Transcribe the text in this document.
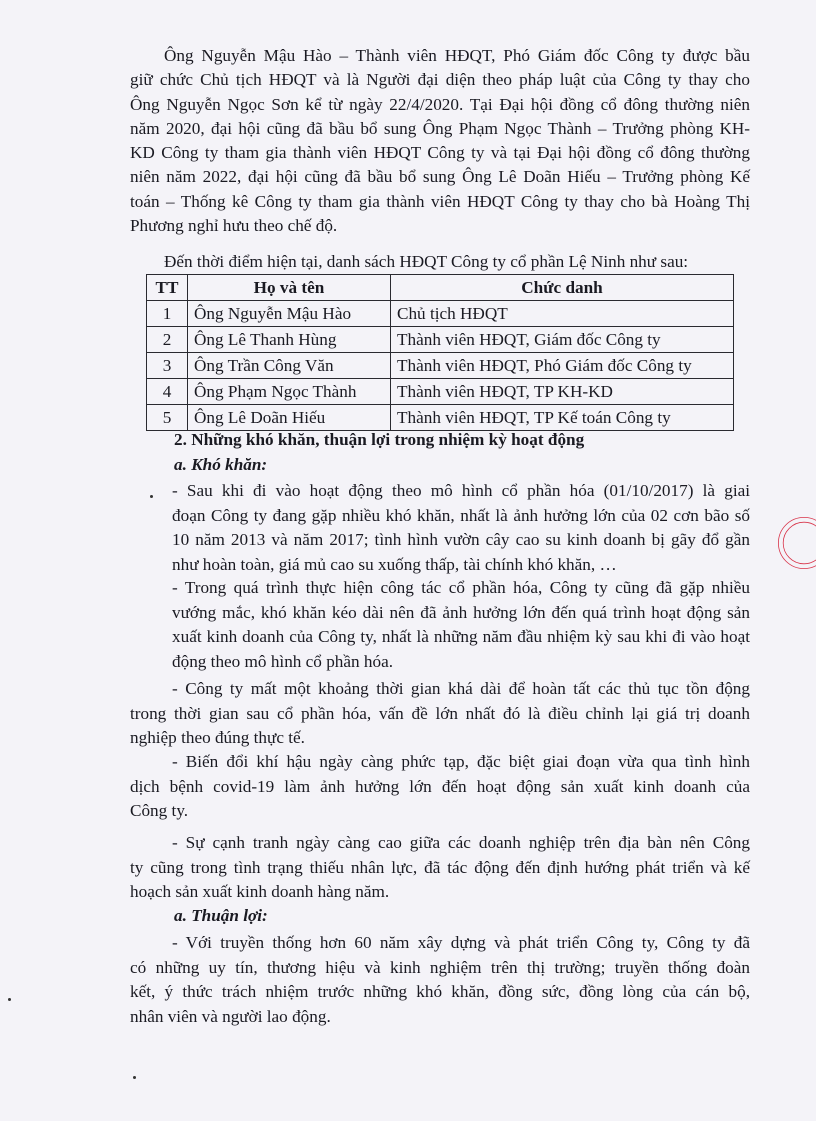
Ông Nguyễn Mậu Hào – Thành viên HĐQT, Phó Giám đốc Công ty được bầu
giữ chức Chủ tịch HĐQT và là Người đại diện theo pháp luật của Công ty thay cho
Ông Nguyễn Ngọc Sơn kể từ ngày 22/4/2020. Tại Đại hội đồng cổ đông thường niên
năm 2020, đại hội cũng đã bầu bổ sung Ông Phạm Ngọc Thành – Trưởng phòng KH-
KD Công ty tham gia thành viên HĐQT Công ty và tại Đại hội đồng cổ đông thường
niên năm 2022, đại hội cũng đã bầu bổ sung Ông Lê Doãn Hiếu – Trưởng phòng Kế
toán – Thống kê Công ty tham gia thành viên HĐQT Công ty thay cho bà Hoàng Thị
Phương nghỉ hưu theo chế độ.
Đến thời điểm hiện tại, danh sách HĐQT Công ty cổ phần Lệ Ninh như sau:
TT	Họ và tên	Chức danh
1	Ông Nguyễn Mậu Hào	Chủ tịch HĐQT
2	Ông Lê Thanh Hùng	Thành viên HĐQT, Giám đốc Công ty
3	Ông Trần Công Văn	Thành viên HĐQT, Phó Giám đốc Công ty
4	Ông Phạm Ngọc Thành	Thành viên HĐQT, TP KH-KD
5	Ông Lê Doãn Hiếu	Thành viên HĐQT, TP Kế toán Công ty
2. Những khó khăn, thuận lợi trong nhiệm kỳ hoạt động
a. Khó khăn:
- Sau khi đi vào hoạt động theo mô hình cổ phần hóa (01/10/2017) là giai
đoạn Công ty đang gặp nhiều khó khăn, nhất là ảnh hưởng lớn của 02 cơn bão số
10 năm 2013 và năm 2017; tình hình vườn cây cao su kinh doanh bị gãy đổ gần
như hoàn toàn, giá mủ cao su xuống thấp, tài chính khó khăn, …
- Trong quá trình thực hiện công tác cổ phần hóa, Công ty cũng đã gặp nhiều
vướng mắc, khó khăn kéo dài nên đã ảnh hưởng lớn đến quá trình hoạt động sản
xuất kinh doanh của Công ty, nhất là những năm đầu nhiệm kỳ sau khi đi vào hoạt
động theo mô hình cổ phần hóa.
- Công ty mất một khoảng thời gian khá dài để hoàn tất các thủ tục tồn động
trong thời gian sau cổ phần hóa, vấn đề lớn nhất đó là điều chỉnh lại giá trị doanh
nghiệp theo đúng thực tế.
- Biến đổi khí hậu ngày càng phức tạp, đặc biệt giai đoạn vừa qua tình hình
dịch bệnh covid-19 làm ảnh hưởng lớn đến hoạt động sản xuất kinh doanh của
Công ty.
- Sự cạnh tranh ngày càng cao giữa các doanh nghiệp trên địa bàn nên Công
ty cũng trong tình trạng thiếu nhân lực, đã tác động đến định hướng phát triển và kế
hoạch sản xuất kinh doanh hàng năm.
a. Thuận lợi:
- Với truyền thống hơn 60 năm xây dựng và phát triển Công ty, Công ty đã
có những uy tín, thương hiệu và kinh nghiệm trên thị trường; truyền thống đoàn
kết, ý thức trách nhiệm trước những khó khăn, đồng sức, đồng lòng của cán bộ,
nhân viên và người lao động.
